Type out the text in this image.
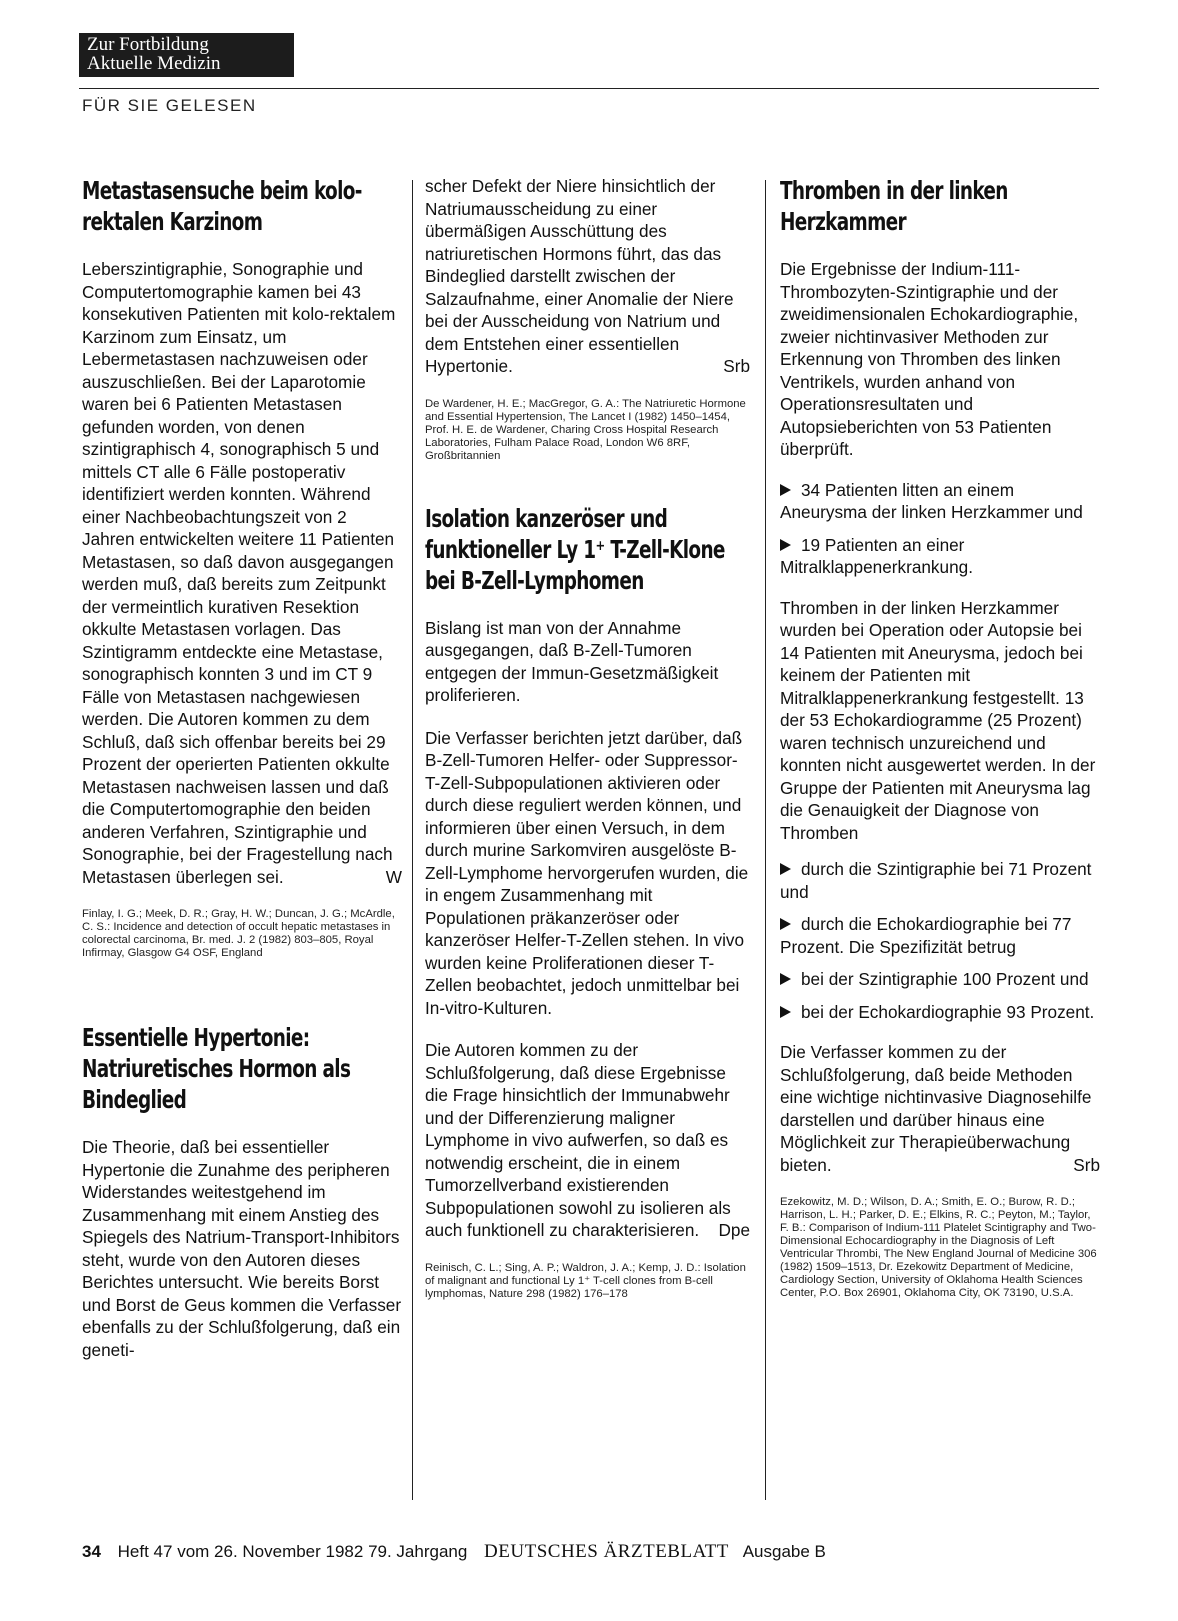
Zur Fortbildung
Aktuelle Medizin
FÜR SIE GELESEN
Metastasensuche beim kolo-rektalen Karzinom

Leberszintigraphie, Sonographie und Computertomographie kamen bei 43 konsekutiven Patienten mit kolo-rektalem Karzinom zum Einsatz, um Lebermetastasen nachzuweisen oder auszuschließen. Bei der Laparotomie waren bei 6 Patienten Metastasen gefunden worden, von denen szintigraphisch 4, sonographisch 5 und mittels CT alle 6 Fälle postoperativ identifiziert werden konnten. Während einer Nachbeobachtungszeit von 2 Jahren entwickelten weitere 11 Patienten Metastasen, so daß davon ausgegangen werden muß, daß bereits zum Zeitpunkt der vermeintlich kurativen Resektion okkulte Metastasen vorlagen. Das Szintigramm entdeckte eine Metastase, sonographisch konnten 3 und im CT 9 Fälle von Metastasen nachgewiesen werden. Die Autoren kommen zu dem Schluß, daß sich offenbar bereits bei 29 Prozent der operierten Patienten okkulte Metastasen nachweisen lassen und daß die Computertomographie den beiden anderen Verfahren, Szintigraphie und Sonographie, bei der Fragestellung nach Metastasen überlegen sei.	W

Finlay, I. G.; Meek, D. R.; Gray, H. W.; Duncan, J. G.; McArdle, C. S.: Incidence and detection of occult hepatic metastases in colorectal carcinoma, Br. med. J. 2 (1982) 803–805, Royal Infirmay, Glasgow G4 OSF, England

Essentielle Hypertonie: Natriuretisches Hormon als Bindeglied

Die Theorie, daß bei essentieller Hypertonie die Zunahme des peripheren Widerstandes weitestgehend im Zusammenhang mit einem Anstieg des Spiegels des Natrium-Transport-Inhibitors steht, wurde von den Autoren dieses Berichtes untersucht. Wie bereits Borst und Borst de Geus kommen die Verfasser ebenfalls zu der Schlußfolgerung, daß ein geneti-

scher Defekt der Niere hinsichtlich der Natriumausscheidung zu einer übermäßigen Ausschüttung des natriuretischen Hormons führt, das das Bindeglied darstellt zwischen der Salzaufnahme, einer Anomalie der Niere bei der Ausscheidung von Natrium und dem Entstehen einer essentiellen Hypertonie.	Srb

De Wardener, H. E.; MacGregor, G. A.: The Natriuretic Hormone and Essential Hypertension, The Lancet I (1982) 1450–1454, Prof. H. E. de Wardener, Charing Cross Hospital Research Laboratories, Fulham Palace Road, London W6 8RF, Großbritannien

Isolation kanzeröser und funktioneller Ly 1⁺ T-Zell-Klone bei B-Zell-Lymphomen

Bislang ist man von der Annahme ausgegangen, daß B-Zell-Tumoren entgegen der Immun-Gesetzmäßigkeit proliferieren.

Die Verfasser berichten jetzt darüber, daß B-Zell-Tumoren Helfer- oder Suppressor-T-Zell-Subpopulationen aktivieren oder durch diese reguliert werden können, und informieren über einen Versuch, in dem durch murine Sarkomviren ausgelöste B-Zell-Lymphome hervorgerufen wurden, die in engem Zusammenhang mit Populationen präkanzeröser oder kanzeröser Helfer-T-Zellen stehen. In vivo wurden keine Proliferationen dieser T-Zellen beobachtet, jedoch unmittelbar bei In-vitro-Kulturen.

Die Autoren kommen zu der Schlußfolgerung, daß diese Ergebnisse die Frage hinsichtlich der Immunabwehr und der Differenzierung maligner Lymphome in vivo aufwerfen, so daß es notwendig erscheint, die in einem Tumorzellverband existierenden Subpopulationen sowohl zu isolieren als auch funktionell zu charakterisieren. Dpe

Reinisch, C. L.; Sing, A. P.; Waldron, J. A.; Kemp, J. D.: Isolation of malignant and functional Ly 1⁺ T-cell clones from B-cell lymphomas, Nature 298 (1982) 176–178

Thromben in der linken Herzkammer

Die Ergebnisse der Indium-111-Thrombozyten-Szintigraphie und der zweidimensionalen Echokardiographie, zweier nichtinvasiver Methoden zur Erkennung von Thromben des linken Ventrikels, wurden anhand von Operationsresultaten und Autopsieberichten von 53 Patienten überprüft.

34 Patienten litten an einem Aneurysma der linken Herzkammer und

19 Patienten an einer Mitralklappenerkrankung.

Thromben in der linken Herzkammer wurden bei Operation oder Autopsie bei 14 Patienten mit Aneurysma, jedoch bei keinem der Patienten mit Mitralklappenerkrankung festgestellt. 13 der 53 Echokardiogramme (25 Prozent) waren technisch unzureichend und konnten nicht ausgewertet werden. In der Gruppe der Patienten mit Aneurysma lag die Genauigkeit der Diagnose von Thromben

durch die Szintigraphie bei 71 Prozent und

durch die Echokardiographie bei 77 Prozent. Die Spezifizität betrug

bei der Szintigraphie 100 Prozent und

bei der Echokardiographie 93 Prozent.

Die Verfasser kommen zu der Schlußfolgerung, daß beide Methoden eine wichtige nichtinvasive Diagnosehilfe darstellen und darüber hinaus eine Möglichkeit zur Therapieüberwachung bieten.	Srb

Ezekowitz, M. D.; Wilson, D. A.; Smith, E. O.; Burow, R. D.; Harrison, L. H.; Parker, D. E.; Elkins, R. C.; Peyton, M.; Taylor, F. B.: Comparison of Indium-111 Platelet Scintigraphy and Two-Dimensional Echocardiography in the Diagnosis of Left Ventricular Thrombi, The New England Journal of Medicine 306 (1982) 1509–1513, Dr. Ezekowitz Department of Medicine, Cardiology Section, University of Oklahoma Health Sciences Center, P.O. Box 26901, Oklahoma City, OK 73190, U.S.A.

34 Heft 47 vom 26. November 1982 79. Jahrgang DEUTSCHES ÄRZTEBLATT Ausgabe B
